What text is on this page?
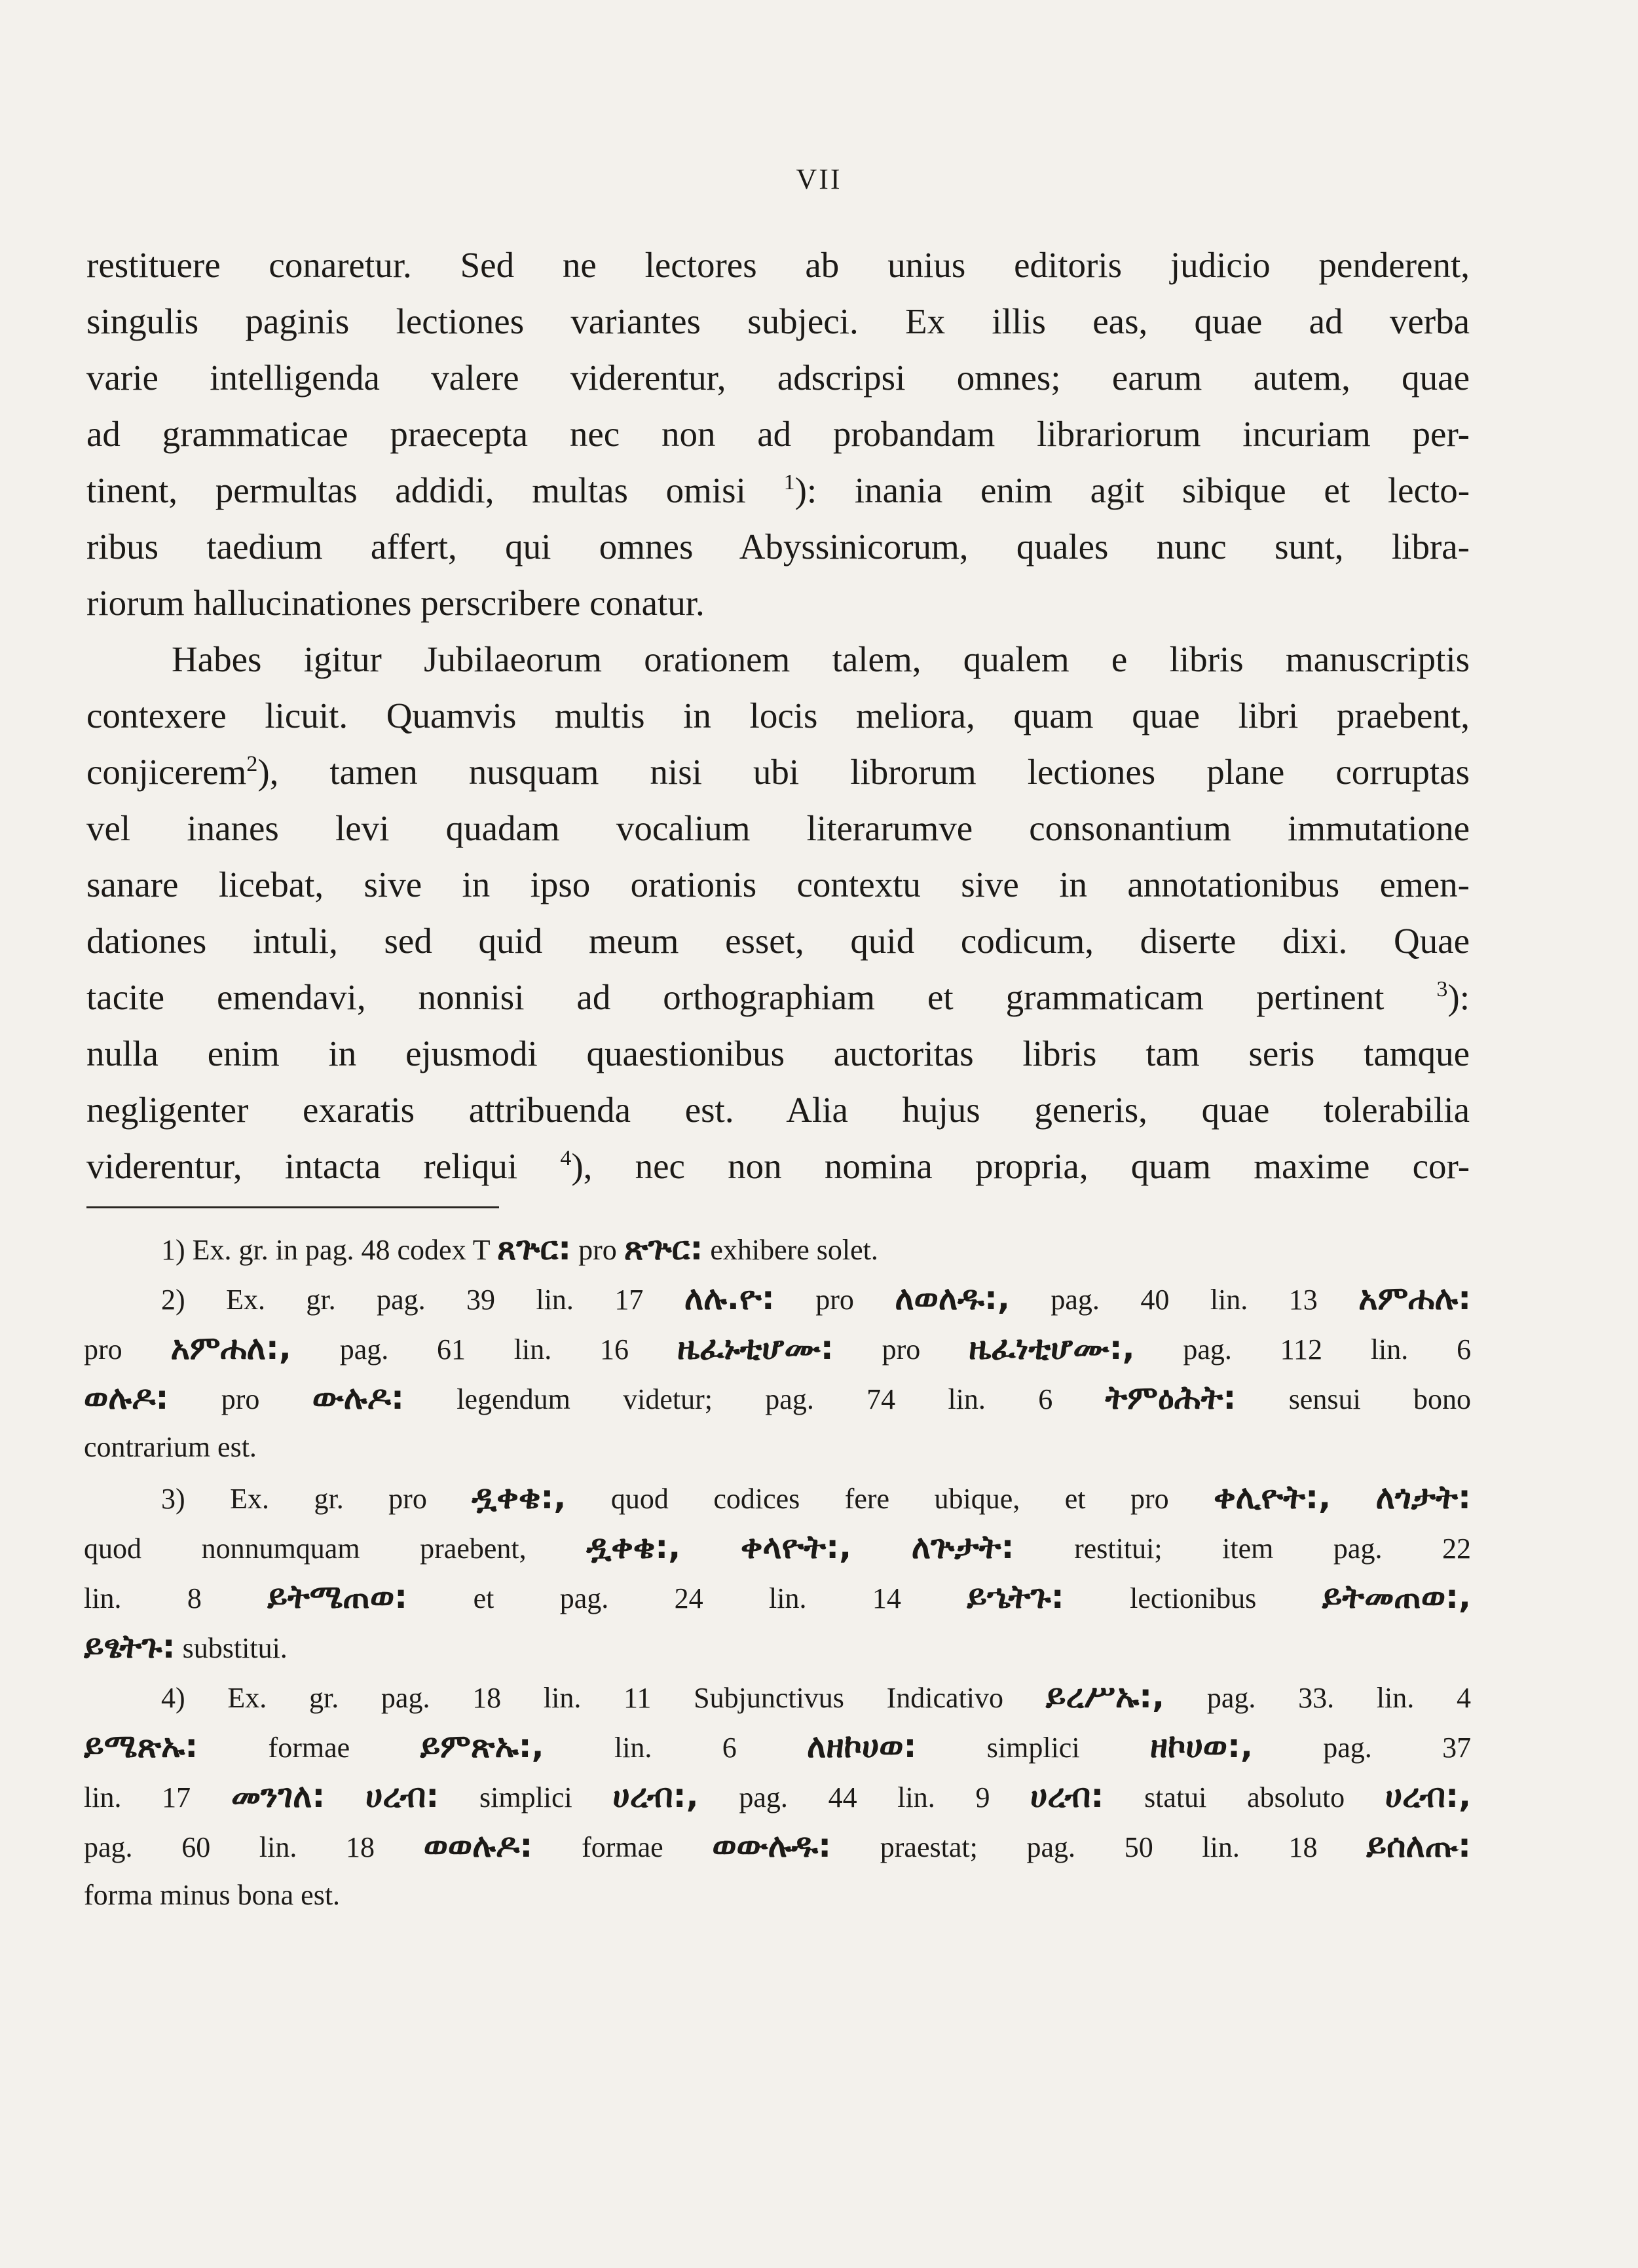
VII
restituere conaretur. Sed ne lectores ab unius editoris judicio penderent,
singulis paginis lectiones variantes subjeci. Ex illis eas, quae ad verba
varie intelligenda valere viderentur, adscripsi omnes; earum autem, quae
ad grammaticae praecepta nec non ad probandam librariorum incuriam per-
tinent, permultas addidi, multas omisi $^1$): inania enim agit sibique et lecto-
ribus taedium affert, qui omnes Abyssinicorum, quales nunc sunt, libra-
riorum hallucinationes perscribere conatur.
Habes igitur Jubilaeorum orationem talem, qualem e libris manuscriptis
contexere licuit. Quamvis multis in locis meliora, quam quae libri praebent,
conjicerem$^2$), tamen nusquam nisi ubi librorum lectiones plane corruptas
vel inanes levi quadam vocalium literarumve consonantium immutatione
sanare licebat, sive in ipso orationis contextu sive in annotationibus emen-
dationes intuli, sed quid meum esset, quid codicum, diserte dixi. Quae
tacite emendavi, nonnisi ad orthographiam et grammaticam pertinent $^3$):
nulla enim in ejusmodi quaestionibus auctoritas libris tam seris tamque
negligenter exaratis attribuenda est. Alia hujus generis, quae tolerabilia
viderentur, intacta reliqui $^4$), nec non nomina propria, quam maxime cor-
1) Ex. gr. in pag. 48 codex T ጸጕር: pro ጽጕር: exhibere solet.
2) Ex. gr. pag. 39 lin. 17 ለሉ.ዮ: pro ለወለዱ:, pag. 40 lin. 13 አምሐሉ:
pro አምሐለ:, pag. 61 lin. 16 ዜፈኑቲሆሙ: pro ዜፈነቲሆሙ:, pag. 112 lin. 6
ወሉዶ: pro ውሉዶ: legendum videtur; pag. 74 lin. 6 ትምዕሕት: sensui bono
contrarium est.
3) Ex. gr. pro ዷቀቄ:, quod codices fere ubique, et pro ቀሊዮት:, ለጎታት:
quod nonnumquam praebent, ዷቀቄ:, ቀላዮት:, ለጕታት: restitui; item pag. 22
lin. 8 ይትሜጠወ: et pag. 24 lin. 14 ይኄትጉ: lectionibus ይትመጠወ:,
ይፄትጉ: substitui.
4) Ex. gr. pag. 18 lin. 11 Subjunctivus Indicativo ይረሥኡ:, pag. 33. lin. 4
ይሜጽኡ: formae ይምጽኡ:, lin. 6 ለዘኮሀወ: simplici ዘኮሀወ:, pag. 37
lin. 17 መንገለ: ሀረብ: simplici ሀረብ:, pag. 44 lin. 9 ሀረብ: statui absoluto ሀረብ:,
pag. 60 lin. 18 ወወሉዶ: formae ወውሉዱ: praestat; pag. 50 lin. 18 ይሰለጡ:
forma minus bona est.
